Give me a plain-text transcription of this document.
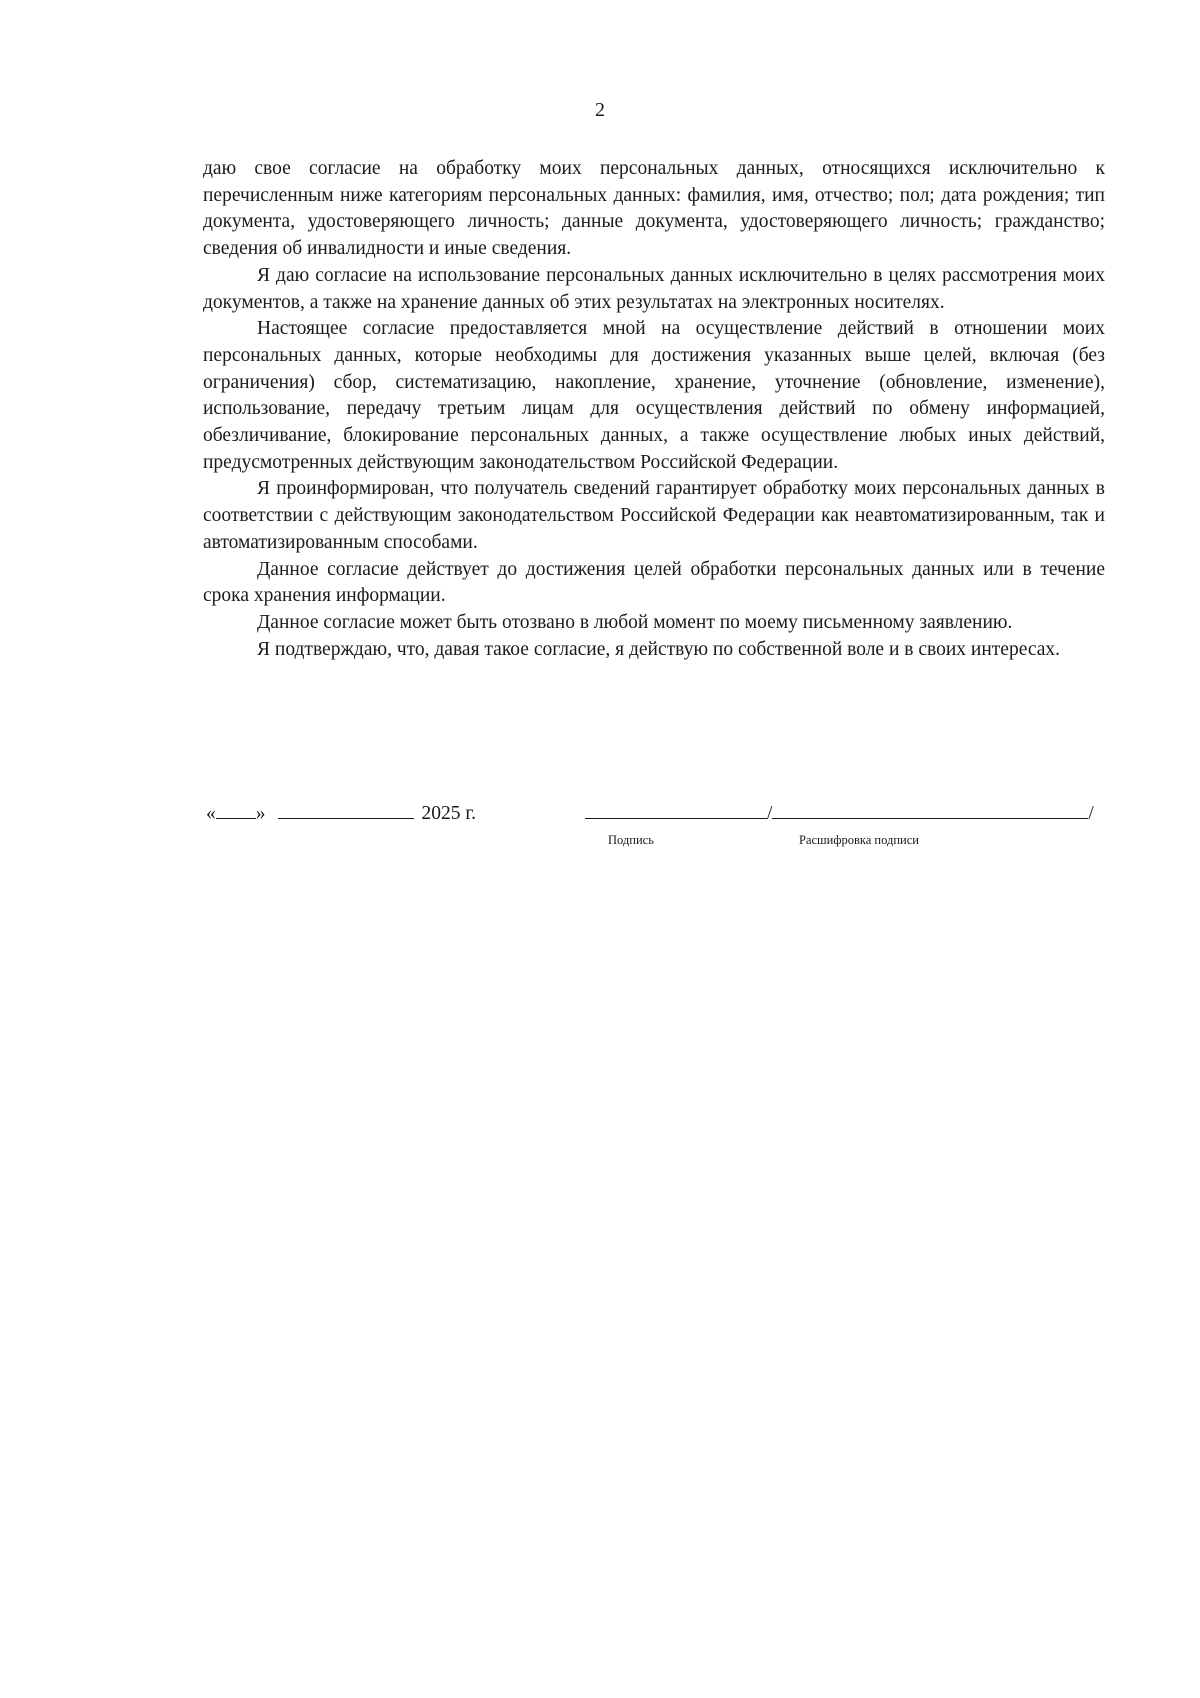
2

даю свое согласие на обработку моих персональных данных, относящихся исключительно к перечисленным ниже категориям персональных данных: фамилия, имя, отчество; пол; дата рождения; тип документа, удостоверяющего личность; данные документа, удостоверяющего личность; гражданство; сведения об инвалидности и иные сведения.

Я даю согласие на использование персональных данных исключительно в целях рассмотрения моих документов, а также на хранение данных об этих результатах на электронных носителях.

Настоящее согласие предоставляется мной на осуществление действий в отношении моих персональных данных, которые необходимы для достижения указанных выше целей, включая (без ограничения) сбор, систематизацию, накопление, хранение, уточнение (обновление, изменение), использование, передачу третьим лицам для осуществления действий по обмену информацией, обезличивание, блокирование персональных данных, а также осуществление любых иных действий, предусмотренных действующим законодательством Российской Федерации.

Я проинформирован, что получатель сведений гарантирует обработку моих персональных данных в соответствии с действующим законодательством Российской Федерации как неавтоматизированным, так и автоматизированным способами.

Данное согласие действует до достижения целей обработки персональных данных или в течение срока хранения информации.

Данное согласие может быть отозвано в любой момент по моему письменному заявлению.

Я подтверждаю, что, давая такое согласие, я действую по собственной воле и в своих интересах.

« »	2025 г.	/	/
Подпись	Расшифровка подписи
